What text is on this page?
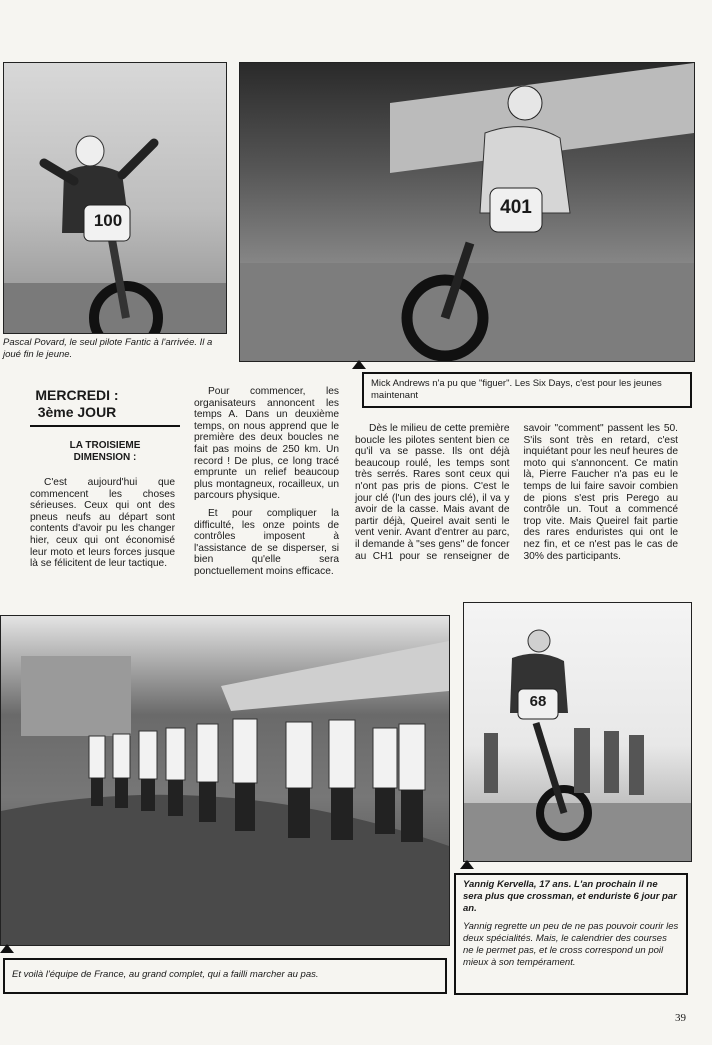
100
401
Pascal Povard, le seul pilote Fantic à l'arrivée. Il a joué fin le jeune.
Mick Andrews n'a pu que "figuer". Les Six Days, c'est pour les jeunes maintenant
MERCREDI :
3ème JOUR
LA TROISIEME
DIMENSION :

C'est aujourd'hui que commencent les choses sérieuses. Ceux qui ont des pneus neufs au départ sont contents d'avoir pu les changer hier, ceux qui ont économisé leur moto et leurs forces jusque là se félicitent de leur tactique.

Pour commencer, les organisateurs annoncent les temps A. Dans un deuxième temps, on nous apprend que le première des deux boucles ne fait pas moins de 250 km. Un record ! De plus, ce long tracé emprunte un relief beaucoup plus montagneux, rocailleux, un parcours physique.

Et pour compliquer la difficulté, les onze points de contrôles imposent à l'assistance de se disperser, si bien qu'elle sera ponctuellement moins efficace.

Dès le milieu de cette première boucle les pilotes sentent bien ce qu'il va se passe. Ils ont déjà beaucoup roulé, les temps sont très serrés. Rares sont ceux qui n'ont pas pris de pions. C'est le jour clé (l'un des jours clé), il va y avoir de la casse. Mais avant de partir déjà, Queirel avait senti le vent venir. Avant d'entrer au parc, il demande à "ses gens" de foncer au CH1 pour se renseigner de savoir "comment" passent les 50. S'ils sont très en retard, c'est inquiétant pour les neuf heures de moto qui s'annoncent. Ce matin là, Pierre Faucher n'a pas eu le temps de lui faire savoir combien de pions s'est pris Perego au contrôle un. Tout a commencé trop vite. Mais Queirel fait partie des rares enduristes qui ont le nez fin, et ce n'est pas le cas de 30% des participants.

68
Yannig Kervella, 17 ans. L'an prochain il ne sera plus que crossman, et enduriste 6 jour par an.
Yannig regrette un peu de ne pas pouvoir courir les deux spécialités. Mais, le calendrier des courses ne le permet pas, et le cross correspond un poil mieux à son tempérament.
Et voilà l'équipe de France, au grand complet, qui a failli marcher au pas.
39
